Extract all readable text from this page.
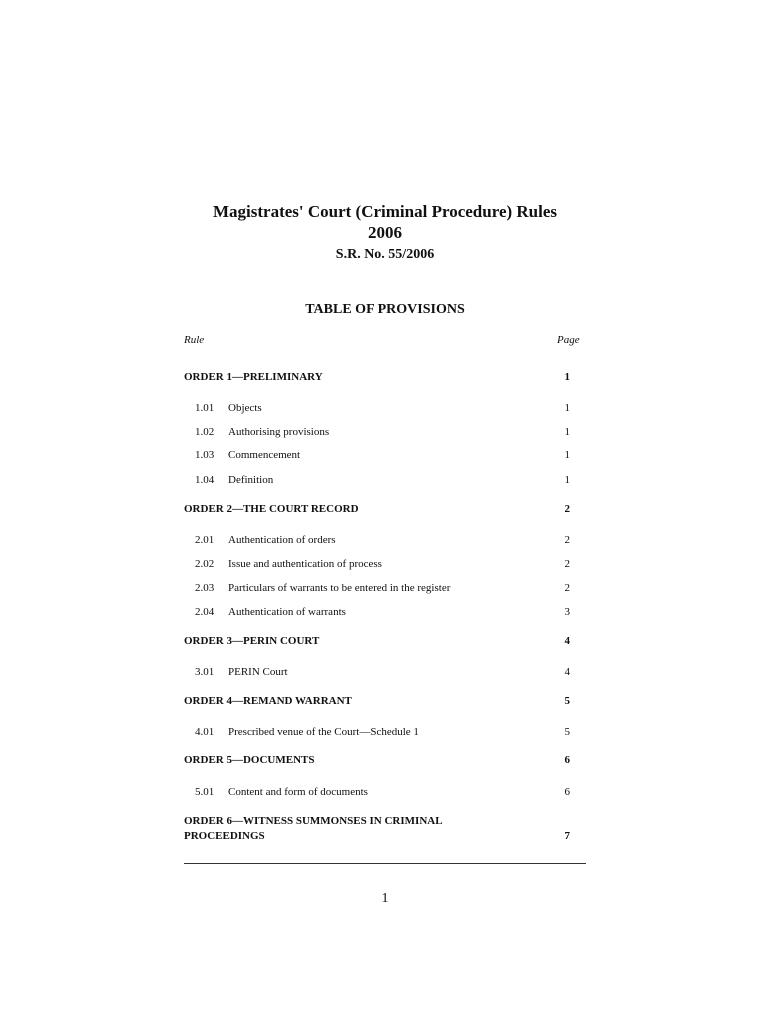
Magistrates' Court (Criminal Procedure) Rules
2006
S.R. No. 55/2006
TABLE OF PROVISIONS
Rule	Page
ORDER 1—PRELIMINARY	1
1.01 Objects	1
1.02 Authorising provisions	1
1.03 Commencement	1
1.04 Definition	1
ORDER 2—THE COURT RECORD	2
2.01 Authentication of orders	2
2.02 Issue and authentication of process	2
2.03 Particulars of warrants to be entered in the register	2
2.04 Authentication of warrants	3
ORDER 3—PERIN COURT	4
3.01 PERIN Court	4
ORDER 4—REMAND WARRANT	5
4.01 Prescribed venue of the Court—Schedule 1	5
ORDER 5—DOCUMENTS	6
5.01 Content and form of documents	6
ORDER 6—WITNESS SUMMONSES IN CRIMINAL
PROCEEDINGS	7
1
